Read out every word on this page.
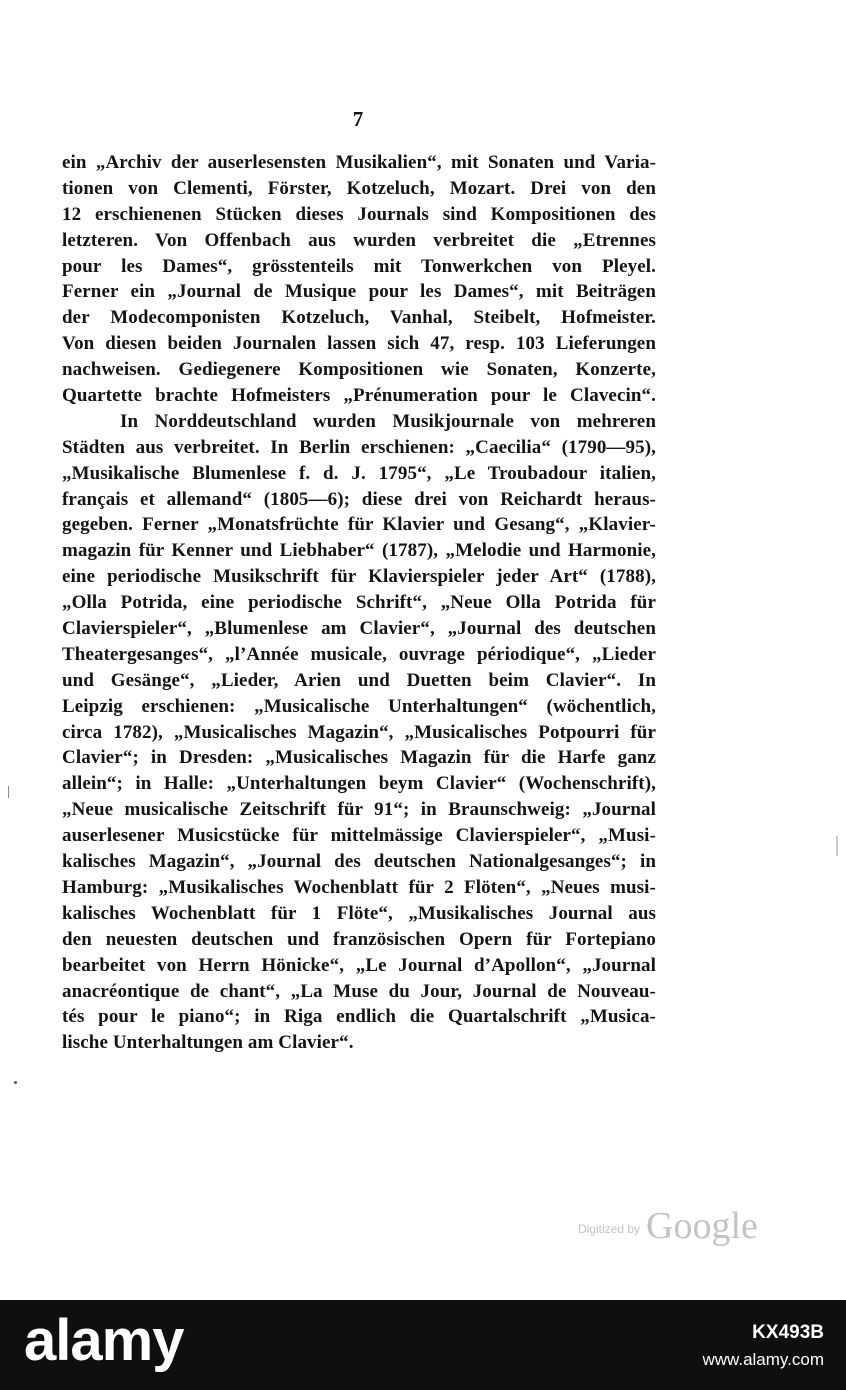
7
ein „Archiv der auserlesensten Musikalien“, mit Sonaten und Varia-
tionen von Clementi, Förster, Kotzeluch, Mozart. Drei von den
12 erschienenen Stücken dieses Journals sind Kompositionen des
letzteren. Von Offenbach aus wurden verbreitet die „Etrennes
pour les Dames“, grösstenteils mit Tonwerkchen von Pleyel.
Ferner ein „Journal de Musique pour les Dames“, mit Beiträgen
der Modecomponisten Kotzeluch, Vanhal, Steibelt, Hofmeister.
Von diesen beiden Journalen lassen sich 47, resp. 103 Lieferungen
nachweisen. Gediegenere Kompositionen wie Sonaten, Konzerte,
Quartette brachte Hofmeisters „Prénumeration pour le Clavecin“.
In Norddeutschland wurden Musikjournale von mehreren
Städten aus verbreitet. In Berlin erschienen: „Caecilia“ (1790—95),
„Musikalische Blumenlese f. d. J. 1795“, „Le Troubadour italien,
français et allemand“ (1805—6); diese drei von Reichardt heraus-
gegeben. Ferner „Monatsfrüchte für Klavier und Gesang“, „Klavier-
magazin für Kenner und Liebhaber“ (1787), „Melodie und Harmonie,
eine periodische Musikschrift für Klavierspieler jeder Art“ (1788),
„Olla Potrida, eine periodische Schrift“, „Neue Olla Potrida für
Clavierspieler“, „Blumenlese am Clavier“, „Journal des deutschen
Theatergesanges“, „l’Année musicale, ouvrage périodique“, „Lieder
und Gesänge“, „Lieder, Arien und Duetten beim Clavier“. In
Leipzig erschienen: „Musicalische Unterhaltungen“ (wöchentlich,
circa 1782), „Musicalisches Magazin“, „Musicalisches Potpourri für
Clavier“; in Dresden: „Musicalisches Magazin für die Harfe ganz
allein“; in Halle: „Unterhaltungen beym Clavier“ (Wochenschrift),
„Neue musicalische Zeitschrift für 91“; in Braunschweig: „Journal
auserlesener Musicstücke für mittelmässige Clavierspieler“, „Musi-
kalisches Magazin“, „Journal des deutschen Nationalgesanges“; in
Hamburg: „Musikalisches Wochenblatt für 2 Flöten“, „Neues musi-
kalisches Wochenblatt für 1 Flöte“, „Musikalisches Journal aus
den neuesten deutschen und französischen Opern für Fortepiano
bearbeitet von Herrn Hönicke“, „Le Journal d’Apollon“, „Journal
anacréontique de chant“, „La Muse du Jour, Journal de Nouveau-
tés pour le piano“; in Riga endlich die Quartalschrift „Musica-
lische Unterhaltungen am Clavier“.
Digitized by Google
alamy	KX493B
www.alamy.com
